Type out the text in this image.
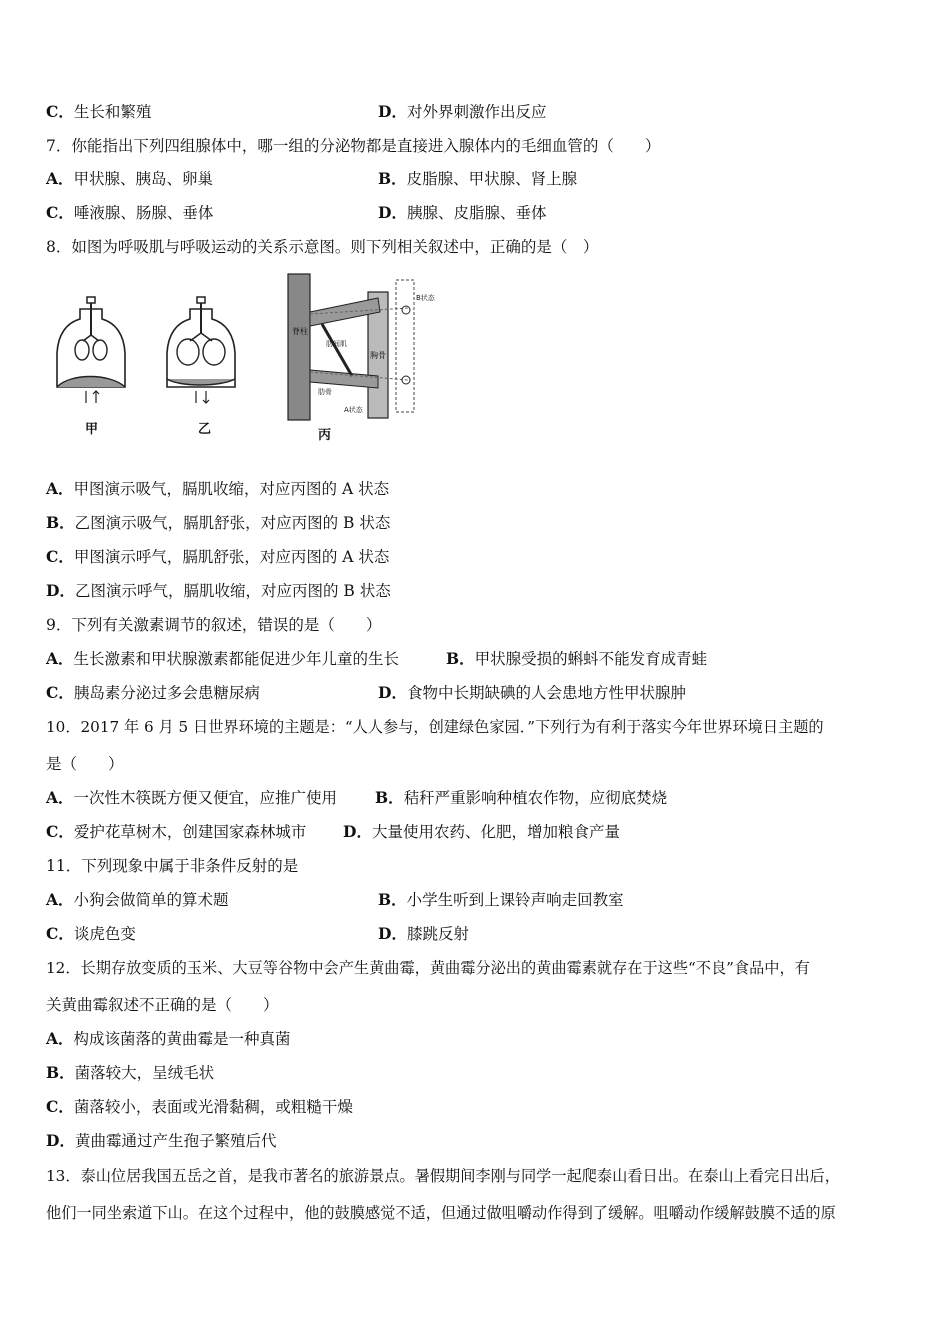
C．生长和繁殖	D．对外界刺激作出反应
7．你能指出下列四组腺体中，哪一组的分泌物都是直接进入腺体内的毛细血管的（　　）
A．甲状腺、胰岛、卵巢	B．皮脂腺、甲状腺、肾上腺
C．唾液腺、肠腺、垂体	D．胰腺、皮脂腺、垂体
8．如图为呼吸肌与呼吸运动的关系示意图。则下列相关叙述中，正确的是（　）
甲	乙
脊柱
胸骨
肋间肌
肋骨
B状态
A状态
丙
A．甲图演示吸气，膈肌收缩，对应丙图的 A 状态
B．乙图演示吸气，膈肌舒张，对应丙图的 B 状态
C．甲图演示呼气，膈肌舒张，对应丙图的 A 状态
D．乙图演示呼气，膈肌收缩，对应丙图的 B 状态
9．下列有关激素调节的叙述，错误的是（　　）
A．生长激素和甲状腺激素都能促进少年儿童的生长	B．甲状腺受损的蝌蚪不能发育成青蛙
C．胰岛素分泌过多会患糖尿病	D．食物中长期缺碘的人会患地方性甲状腺肿
10．2017 年 6 月 5 日世界环境的主题是：“人人参与，创建绿色家园．”下列行为有利于落实今年世界环境日主题的
是（　　）
A．一次性木筷既方便又便宜，应推广使用 B．秸秆严重影响种植农作物，应彻底焚烧
C．爱护花草树木，创建国家森林城市 D．大量使用农药、化肥，增加粮食产量
11．下列现象中属于非条件反射的是
A．小狗会做简单的算术题	B．小学生听到上课铃声响走回教室
C．谈虎色变	D．膝跳反射
12．长期存放变质的玉米、大豆等谷物中会产生黄曲霉，黄曲霉分泌出的黄曲霉素就存在于这些“不良”食品中，有
关黄曲霉叙述不正确的是（　　）
A．构成该菌落的黄曲霉是一种真菌
B．菌落较大，呈绒毛状
C．菌落较小，表面或光滑黏稠，或粗糙干燥
D．黄曲霉通过产生孢子繁殖后代
13．泰山位居我国五岳之首，是我市著名的旅游景点。暑假期间李刚与同学一起爬泰山看日出。在泰山上看完日出后，
他们一同坐索道下山。在这个过程中，他的鼓膜感觉不适，但通过做咀嚼动作得到了缓解。咀嚼动作缓解鼓膜不适的原
